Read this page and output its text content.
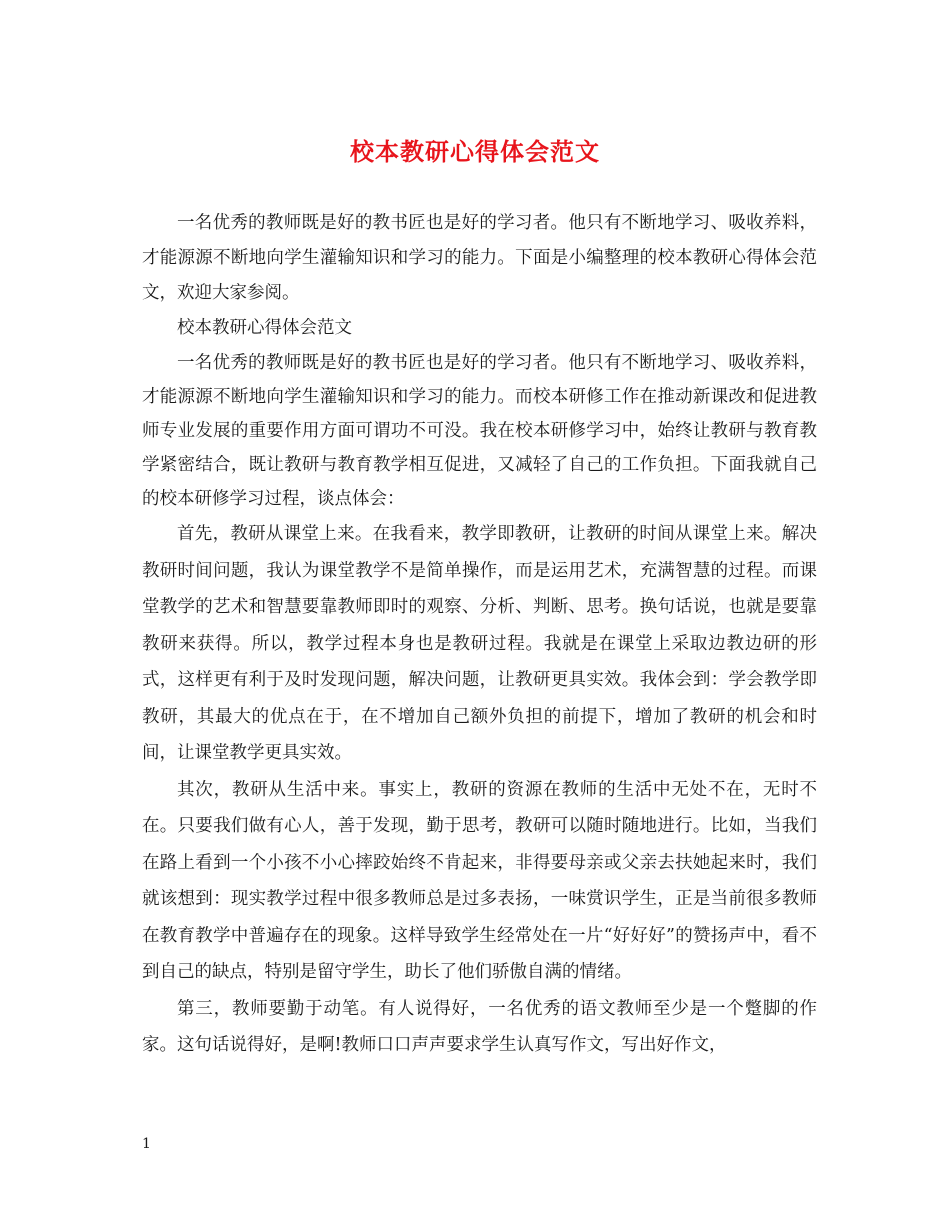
校本教研心得体会范文

一名优秀的教师既是好的教书匠也是好的学习者。他只有不断地学习、吸收养料，才能源源不断地向学生灌输知识和学习的能力。下面是小编整理的校本教研心得体会范文，欢迎大家参阅。

校本教研心得体会范文

一名优秀的教师既是好的教书匠也是好的学习者。他只有不断地学习、吸收养料，才能源源不断地向学生灌输知识和学习的能力。而校本研修工作在推动新课改和促进教师专业发展的重要作用方面可谓功不可没。我在校本研修学习中，始终让教研与教育教学紧密结合，既让教研与教育教学相互促进，又减轻了自己的工作负担。下面我就自己的校本研修学习过程，谈点体会：

首先，教研从课堂上来。在我看来，教学即教研，让教研的时间从课堂上来。解决教研时间问题，我认为课堂教学不是简单操作，而是运用艺术，充满智慧的过程。而课堂教学的艺术和智慧要靠教师即时的观察、分析、判断、思考。换句话说，也就是要靠教研来获得。所以，教学过程本身也是教研过程。我就是在课堂上采取边教边研的形式，这样更有利于及时发现问题，解决问题，让教研更具实效。我体会到：学会教学即教研，其最大的优点在于，在不增加自己额外负担的前提下，增加了教研的机会和时间，让课堂教学更具实效。

其次，教研从生活中来。事实上，教研的资源在教师的生活中无处不在，无时不在。只要我们做有心人，善于发现，勤于思考，教研可以随时随地进行。比如，当我们在路上看到一个小孩不小心摔跤始终不肯起来，非得要母亲或父亲去扶她起来时，我们就该想到：现实教学过程中很多教师总是过多表扬，一味赏识学生，正是当前很多教师在教育教学中普遍存在的现象。这样导致学生经常处在一片“好好好”的赞扬声中，看不到自己的缺点，特别是留守学生，助长了他们骄傲自满的情绪。

第三，教师要勤于动笔。有人说得好，一名优秀的语文教师至少是一个蹩脚的作家。这句话说得好，是啊!教师口口声声要求学生认真写作文，写出好作文，

1
